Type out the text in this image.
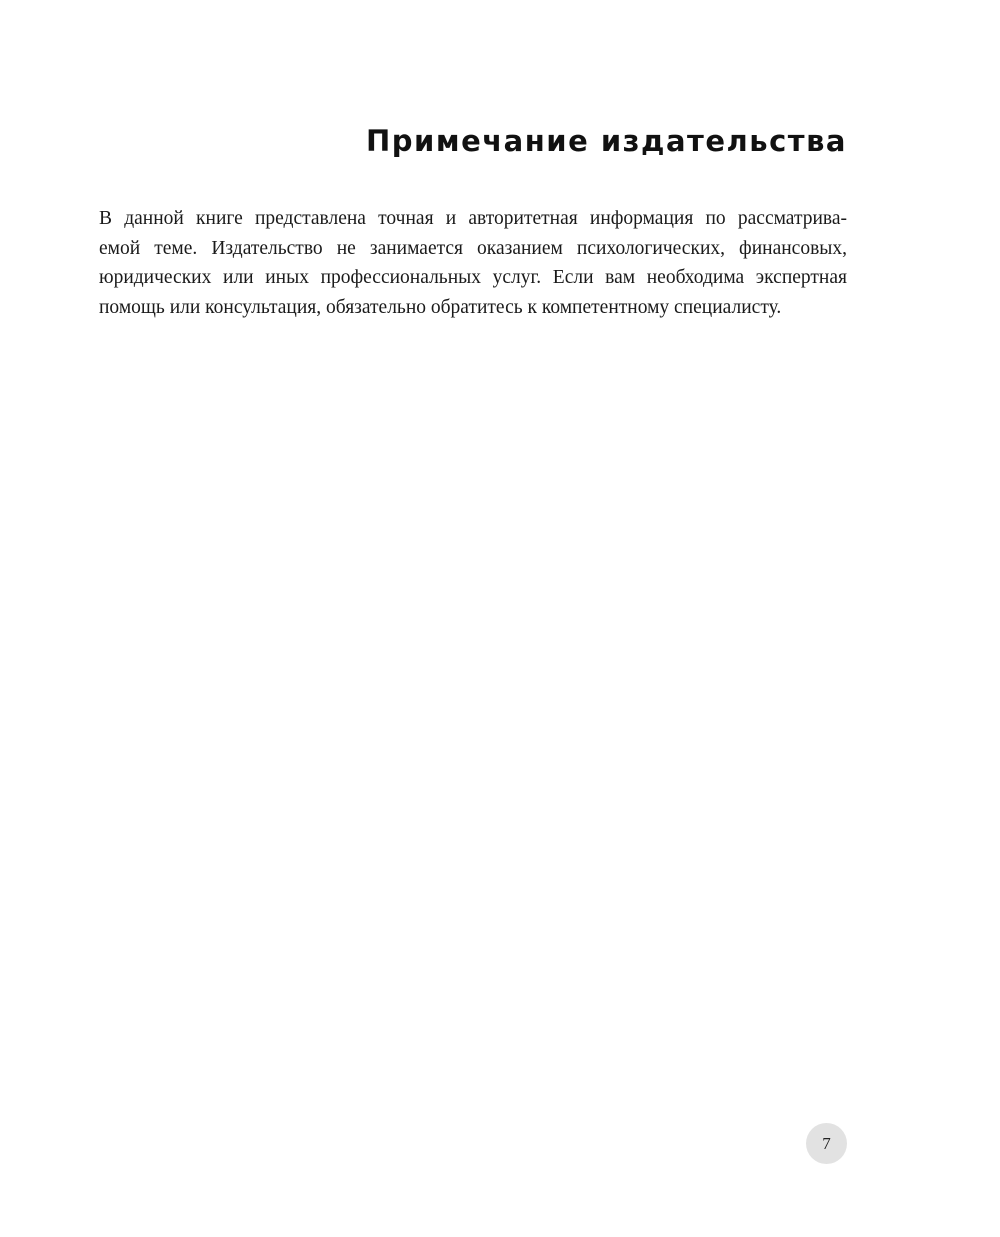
Примечание издательства

В данной книге представлена точная и авторитетная информация по рассматрива-
емой теме. Издательство не занимается оказанием психологических, финансовых,
юридических или иных профессиональных услуг. Если вам необходима экспертная
помощь или консультация, обязательно обратитесь к компетентному специалисту.

7
